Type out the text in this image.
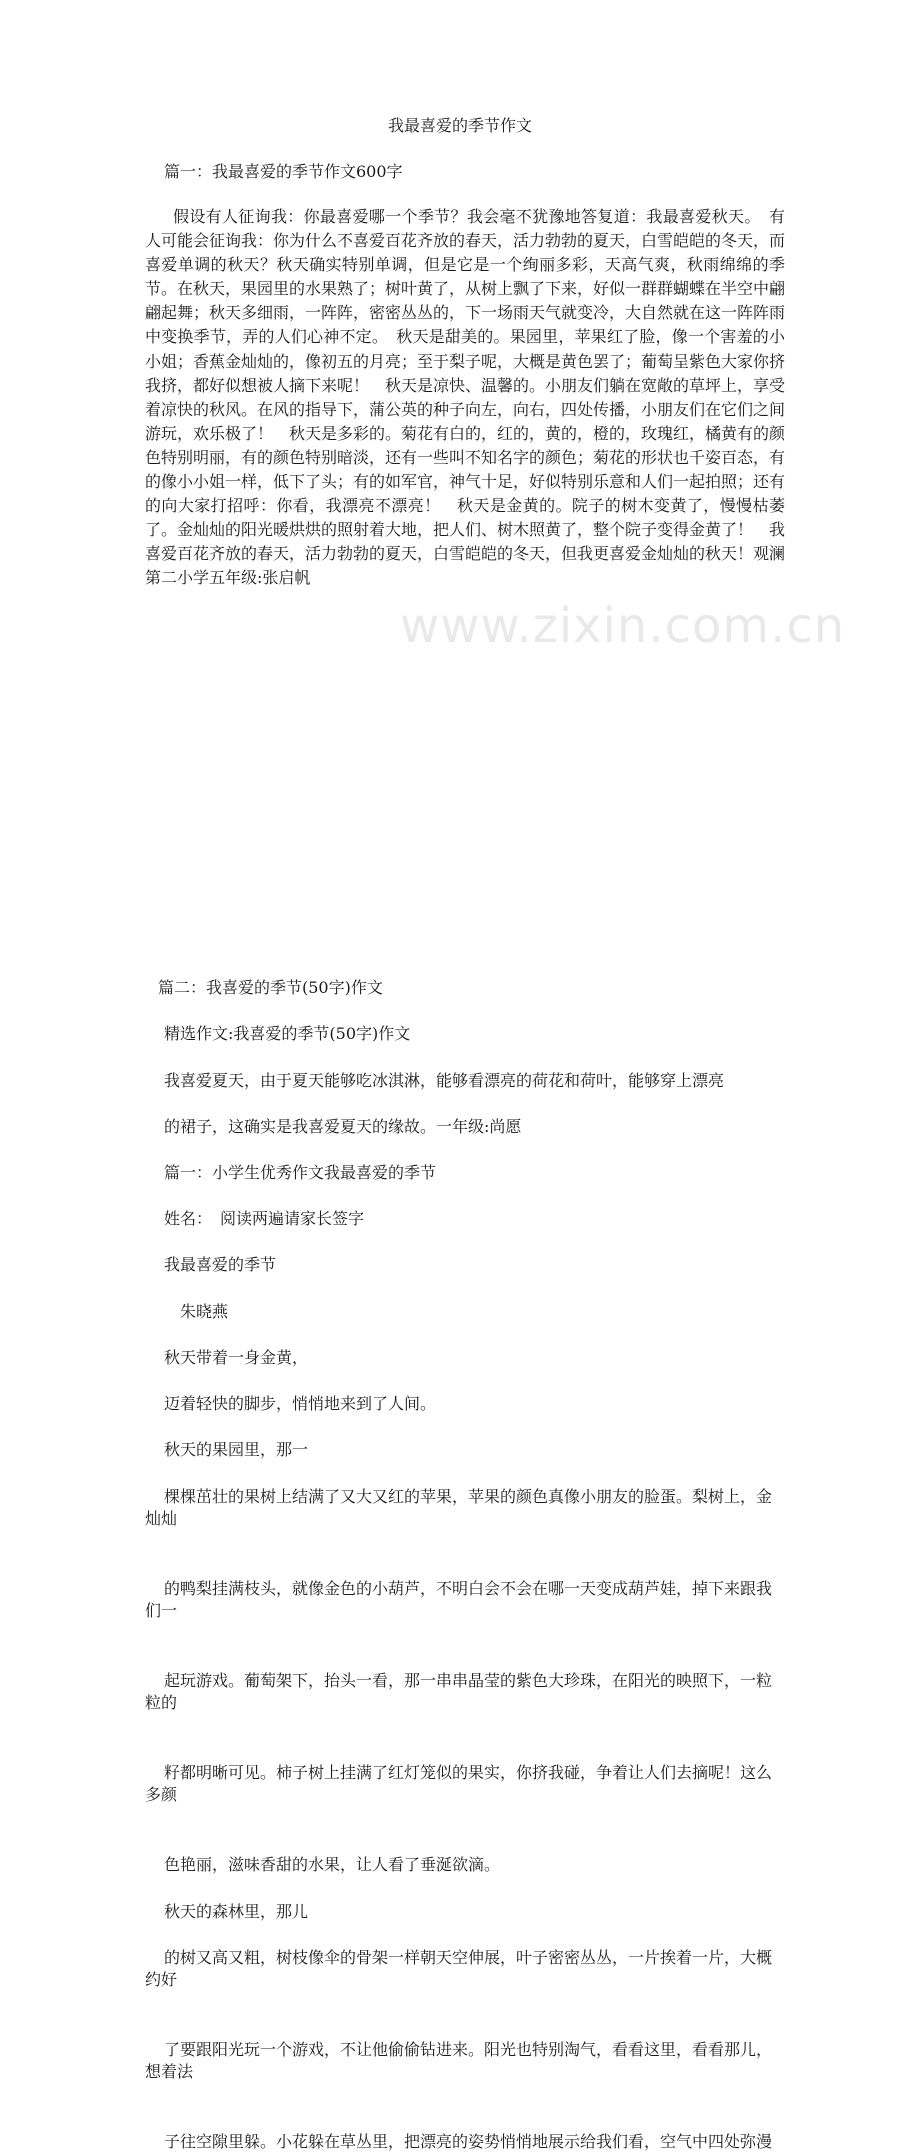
www.zixin.com.cn
我最喜爱的季节作文
篇一：我最喜爱的季节作文600字
假设有人征询我：你最喜爱哪一个季节？我会毫不犹豫地答复道：我最喜爱秋天。　有人可能会征询我：你为什么不喜爱百花齐放的春天，活力勃勃的夏天，白雪皑皑的冬天，而喜爱单调的秋天？秋天确实特别单调，但是它是一个绚丽多彩，天高气爽，秋雨绵绵的季节。在秋天，果园里的水果熟了；树叶黄了，从树上飘了下来，好似一群群蝴蝶在半空中翩翩起舞；秋天多细雨，一阵阵，密密丛丛的，下一场雨天气就变冷，大自然就在这一阵阵雨中变换季节，弄的人们心神不定。　秋天是甜美的。果园里，苹果红了脸，像一个害羞的小小姐；香蕉金灿灿的，像初五的月亮；至于梨子呢，大概是黄色罢了；葡萄呈紫色大家你挤我挤，都好似想被人摘下来呢！　秋天是凉快、温馨的。小朋友们躺在宽敞的草坪上，享受着凉快的秋风。在风的指导下，蒲公英的种子向左，向右，四处传播，小朋友们在它们之间游玩，欢乐极了！　秋天是多彩的。菊花有白的，红的，黄的，橙的，玫瑰红，橘黄有的颜色特别明丽，有的颜色特别暗淡，还有一些叫不知名字的颜色；菊花的形状也千姿百态，有的像小小姐一样，低下了头；有的如军官，神气十足，好似特别乐意和人们一起拍照；还有的向大家打招呼：你看，我漂亮不漂亮！　秋天是金黄的。院子的树木变黄了，慢慢枯萎了。金灿灿的阳光暖烘烘的照射着大地，把人们、树木照黄了，整个院子变得金黄了！　我喜爱百花齐放的春天，活力勃勃的夏天，白雪皑皑的冬天，但我更喜爱金灿灿的秋天！观澜第二小学五年级:张启帆
篇二：我喜爱的季节(50字)作文
精选作文:我喜爱的季节(50字)作文
我喜爱夏天，由于夏天能够吃冰淇淋，能够看漂亮的荷花和荷叶，能够穿上漂亮
的裙子，这确实是我喜爱夏天的缘故。一年级:尚愿
篇一：小学生优秀作文我最喜爱的季节
姓名：　阅读两遍请家长签字
我最喜爱的季节
　朱晓燕
秋天带着一身金黄，
迈着轻快的脚步，悄悄地来到了人间。
秋天的果园里，那一
棵棵茁壮的果树上结满了又大又红的苹果，苹果的颜色真像小朋友的脸蛋。梨树上，金
灿灿
的鸭梨挂满枝头，就像金色的小葫芦，不明白会不会在哪一天变成葫芦娃，掉下来跟我
们一
起玩游戏。葡萄架下，抬头一看，那一串串晶莹的紫色大珍珠，在阳光的映照下，一粒
粒的
籽都明晰可见。柿子树上挂满了红灯笼似的果实，你挤我碰，争着让人们去摘呢！这么
多颜
色艳丽，滋味香甜的水果，让人看了垂涎欲滴。
秋天的森林里，那儿
的树又高又粗，树枝像伞的骨架一样朝天空伸展，叶子密密丛丛，一片挨着一片，大概
约好
了要跟阳光玩一个游戏，不让他偷偷钻进来。阳光也特别淘气，看看这里，看看那儿，
想着法
子往空隙里躲。小花躲在草丛里，把漂亮的姿势悄悄地展示给我们看，空气中四处弥漫
